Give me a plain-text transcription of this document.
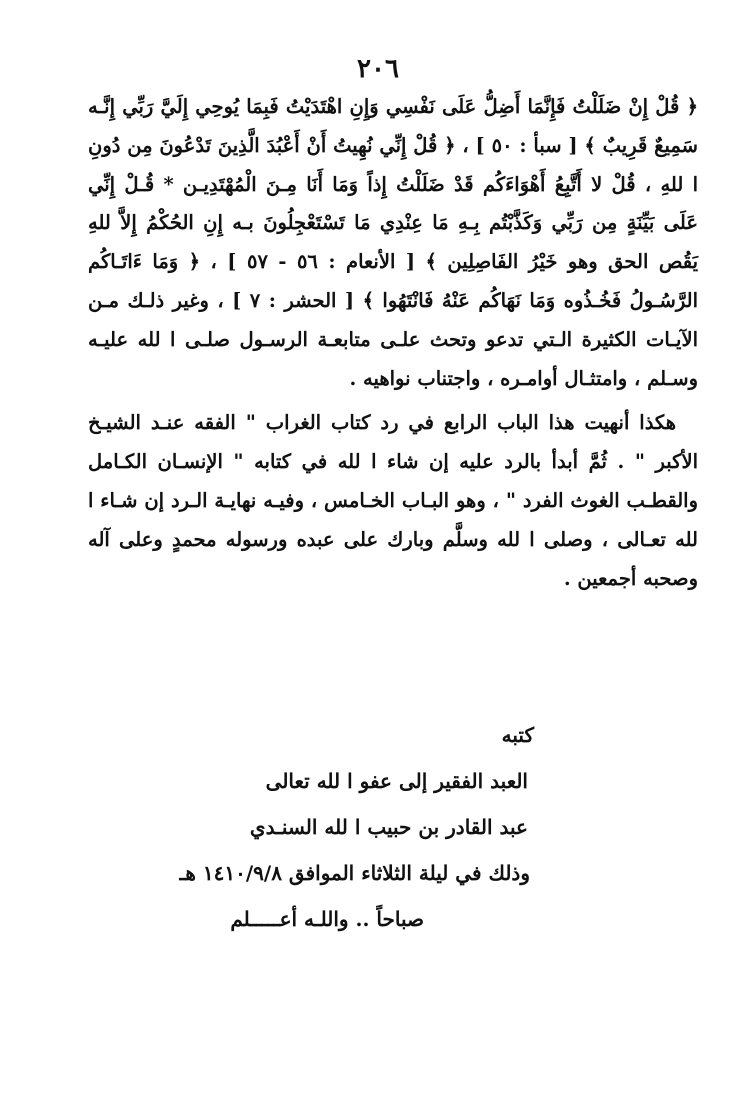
٢٠٦

﴿ قُلْ إِنْ ضَلَلْتُ فَإِنَّمَا أَضِلُّ عَلَى نَفْسِي وَإِنِ اهْتَدَيْتُ فَبِمَا يُوحِي إِلَيَّ رَبِّي إِنَّـه سَمِيعٌ قَرِيبٌ ﴾ [ سبأ : ٥٠ ] ، ﴿ قُلْ إِنِّي نُهِيتُ أَنْ أَعْبُدَ الَّذِينَ تَدْعُونَ مِن دُونِ ا للهِ ، قُلْ لا أَتَّبِعُ أَهْوَاءَكُم قَدْ ضَلَلْتُ إِذاً وَمَا أَنَا مِـنَ الْمُهْتَدِيـن * قُـلْ إِنِّي عَلَى بَيِّنَةٍ مِن رَبِّي وَكَذَّبْتُم بِـهِ مَا عِنْدِي مَا تَسْتَعْجِلُونَ بـه إِنِ الحُكْمُ إِلاَّ للهِ يَقُص الحق وهو خَيْرُ الفَاصِلِين ﴾ [ الأنعام : ٥٦ - ٥٧ ] ، ﴿ وَمَا ءَاتَـاكُم الرَّسُـولُ فَخُـذُوه وَمَا نَهَاكُم عَنْهُ فَانْتَهُوا ﴾ [ الحشر : ٧ ] ، وغير ذلـك مـن الآيـات الكثيرة الـتي تدعو وتحث علـى متابعـة الرسـول صلـى ا لله عليـه وسـلم ، وامتثـال أوامـره ، واجتناب نواهيه .

هكذا أنهيت هذا الباب الرابع في رد كتاب الغراب " الفقه عنـد الشيـخ الأكبر " . ثُمَّ أبدأ بالرد عليه إن شاء ا لله في كتابه " الإنسـان الكـامل والقطـب الغوث الفرد " ، وهو البـاب الخـامس ، وفيـه نهايـة الـرد إن شـاء ا لله تعـالى ، وصلى ا لله وسلَّم وبارك على عبده ورسوله محمدٍ وعلى آله وصحبه أجمعين .

كتبه
العبد الفقير إلى عفو ا لله تعالى
عبد القادر بن حبيب ا لله السنـدي
وذلك في ليلة الثلاثاء الموافق ١٤١٠/٩/٨ هـ
صباحاً .. واللـه أعـــــلم
